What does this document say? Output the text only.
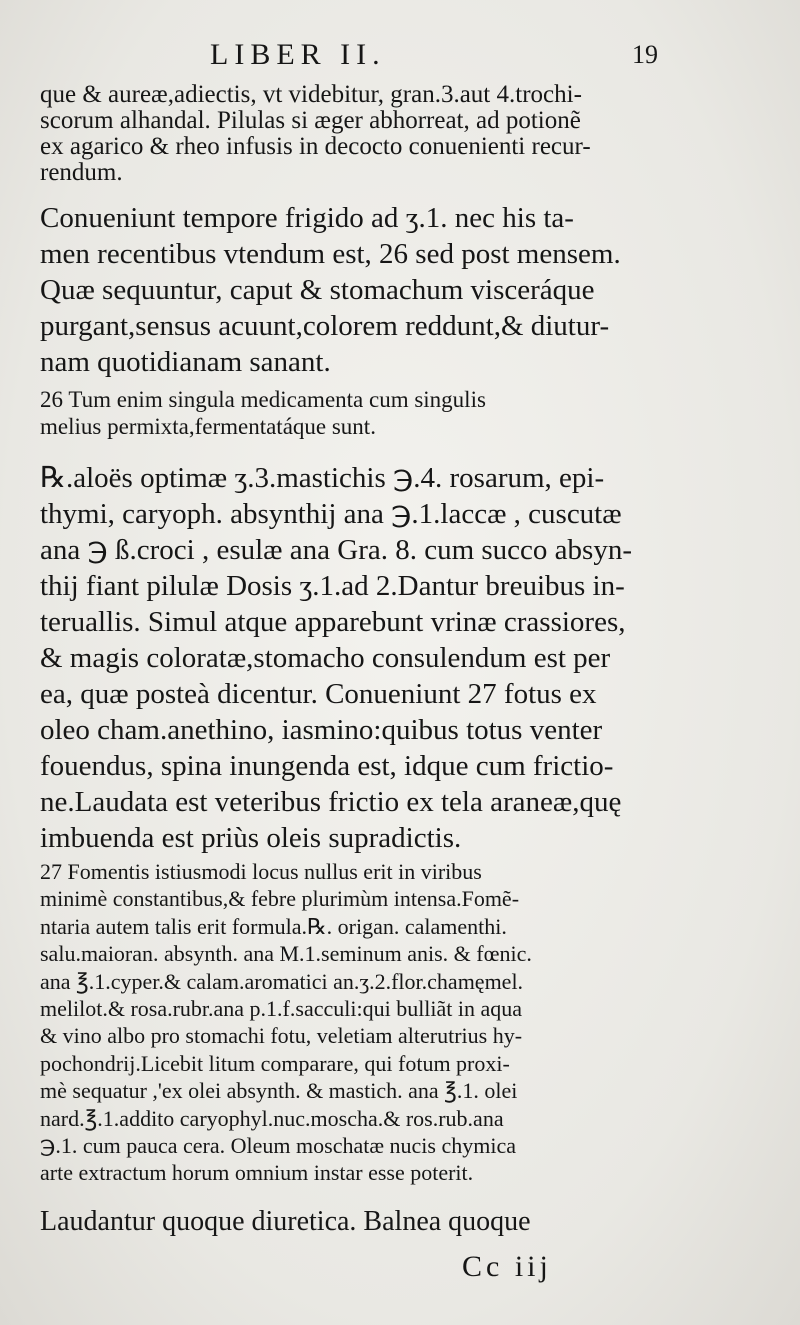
LIBER II.	19
que & aureæ,adiectis, vt videbitur, gran.3.aut 4.trochi-
scorum alhandal. Pilulas si æger abhorreat, ad potionẽ
ex agarico & rheo infusis in decocto conuenienti recur-
rendum.
Conueniunt tempore frigido ad ʒ.1. nec his ta-
men recentibus vtendum est, 26 sed post mensem.
Quæ sequuntur, caput & stomachum visceráque
purgant,sensus acuunt,colorem reddunt,& diutur-
nam quotidianam sanant.
26 Tum enim singula medicamenta cum singulis
melius permixta,fermentatáque sunt.
℞.aloës optimæ ʒ.3.mastichis ℈.4. rosarum, epi-
thymi, caryoph. absynthij ana ℈.1.laccæ , cuscutæ
ana ℈ ß.croci , esulæ ana Gra. 8. cum succo absyn-
thij fiant pilulæ Dosis ʒ.1.ad 2.Dantur breuibus in-
teruallis. Simul atque apparebunt vrinæ crassiores,
& magis coloratæ,stomacho consulendum est per
ea, quæ posteà dicentur. Conueniunt 27 fotus ex
oleo cham.anethino, iasmino:quibus totus venter
fouendus, spina inungenda est, idque cum frictio-
ne.Laudata est veteribus frictio ex tela araneæ,quę
imbuenda est priùs oleis supradictis.
27 Fomentis istiusmodi locus nullus erit in viribus
minimè constantibus,& febre plurimùm intensa.Fomẽ-
ntaria autem talis erit formula.℞. origan. calamenthi.
salu.maioran. absynth. ana M.1.seminum anis. & fœnic.
ana ℥.1.cyper.& calam.aromatici an.ʒ.2.flor.chamęmel.
melilot.& rosa.rubr.ana p.1.f.sacculi:qui bulliãt in aqua
& vino albo pro stomachi fotu, veletiam alterutrius hy-
pochondrij.Licebit litum comparare, qui fotum proxi-
mè sequatur ,'ex olei absynth. & mastich. ana ℥.1. olei
nard.℥.1.addito caryophyl.nuc.moscha.& ros.rub.ana
℈.1. cum pauca cera. Oleum moschatæ nucis chymica
arte extractum horum omnium instar esse poterit.
Laudantur quoque diuretica. Balnea quoque
Cc iij
